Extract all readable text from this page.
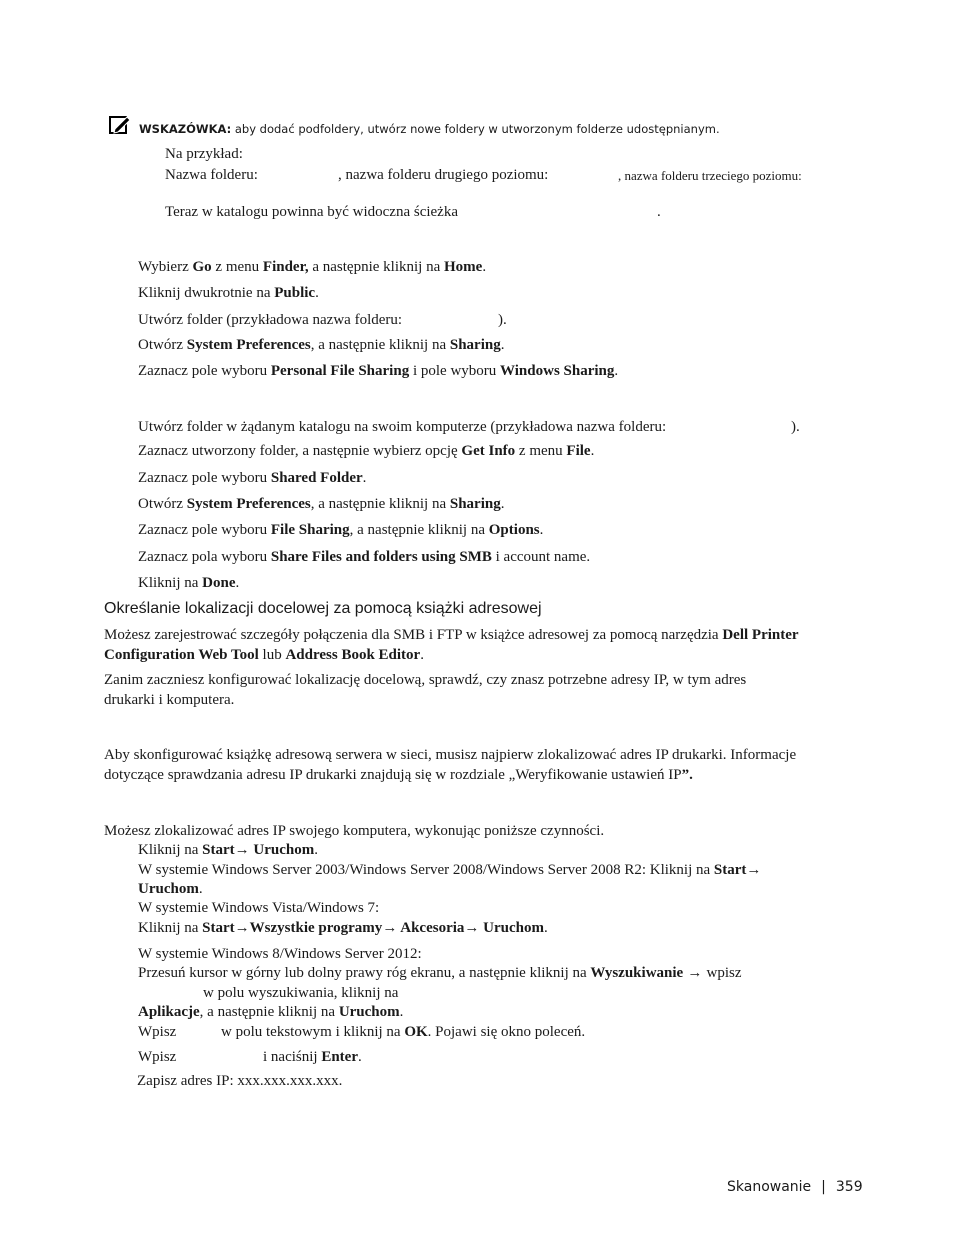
WSKAZÓWKA: aby dodać podfoldery, utwórz nowe foldery w utworzonym folderze udostępnianym.
Na przykład:
Nazwa folderu:	, nazwa folderu drugiego poziomu:	, nazwa folderu trzeciego poziomu:
Teraz w katalogu powinna być widoczna ścieżka	.
Wybierz Go z menu Finder, a następnie kliknij na Home.
Kliknij dwukrotnie na Public.
Utwórz folder (przykładowa nazwa folderu:	).
Otwórz System Preferences, a następnie kliknij na Sharing.
Zaznacz pole wyboru Personal File Sharing i pole wyboru Windows Sharing.
Utwórz folder w żądanym katalogu na swoim komputerze (przykładowa nazwa folderu:	).
Zaznacz utworzony folder, a następnie wybierz opcję Get Info z menu File.
Zaznacz pole wyboru Shared Folder.
Otwórz System Preferences, a następnie kliknij na Sharing.
Zaznacz pole wyboru File Sharing, a następnie kliknij na Options.
Zaznacz pola wyboru Share Files and folders using SMB i account name.
Kliknij na Done.
Określanie lokalizacji docelowej za pomocą książki adresowej
Możesz zarejestrować szczegóły połączenia dla SMB i FTP w książce adresowej za pomocą narzędzia Dell Printer
Configuration Web Tool lub Address Book Editor.
Zanim zaczniesz konfigurować lokalizację docelową, sprawdź, czy znasz potrzebne adresy IP, w tym adres
drukarki i komputera.
Aby skonfigurować książkę adresową serwera w sieci, musisz najpierw zlokalizować adres IP drukarki. Informacje
dotyczące sprawdzania adresu IP drukarki znajdują się w rozdziale „Weryfikowanie ustawień IP”.
Możesz zlokalizować adres IP swojego komputera, wykonując poniższe czynności.
Kliknij na Start→ Uruchom.
W systemie Windows Server 2003/Windows Server 2008/Windows Server 2008 R2: Kliknij na Start→
Uruchom.
W systemie Windows Vista/Windows 7:
Kliknij na Start→Wszystkie programy→ Akcesoria→ Uruchom.
W systemie Windows 8/Windows Server 2012:
Przesuń kursor w górny lub dolny prawy róg ekranu, a następnie kliknij na Wyszukiwanie → wpisz
w polu wyszukiwania, kliknij na
Aplikacje, a następnie kliknij na Uruchom.
Wpisz	w polu tekstowym i kliknij na OK. Pojawi się okno poleceń.
Wpisz	i naciśnij Enter.
Zapisz adres IP: xxx.xxx.xxx.xxx.
Skanowanie | 359
